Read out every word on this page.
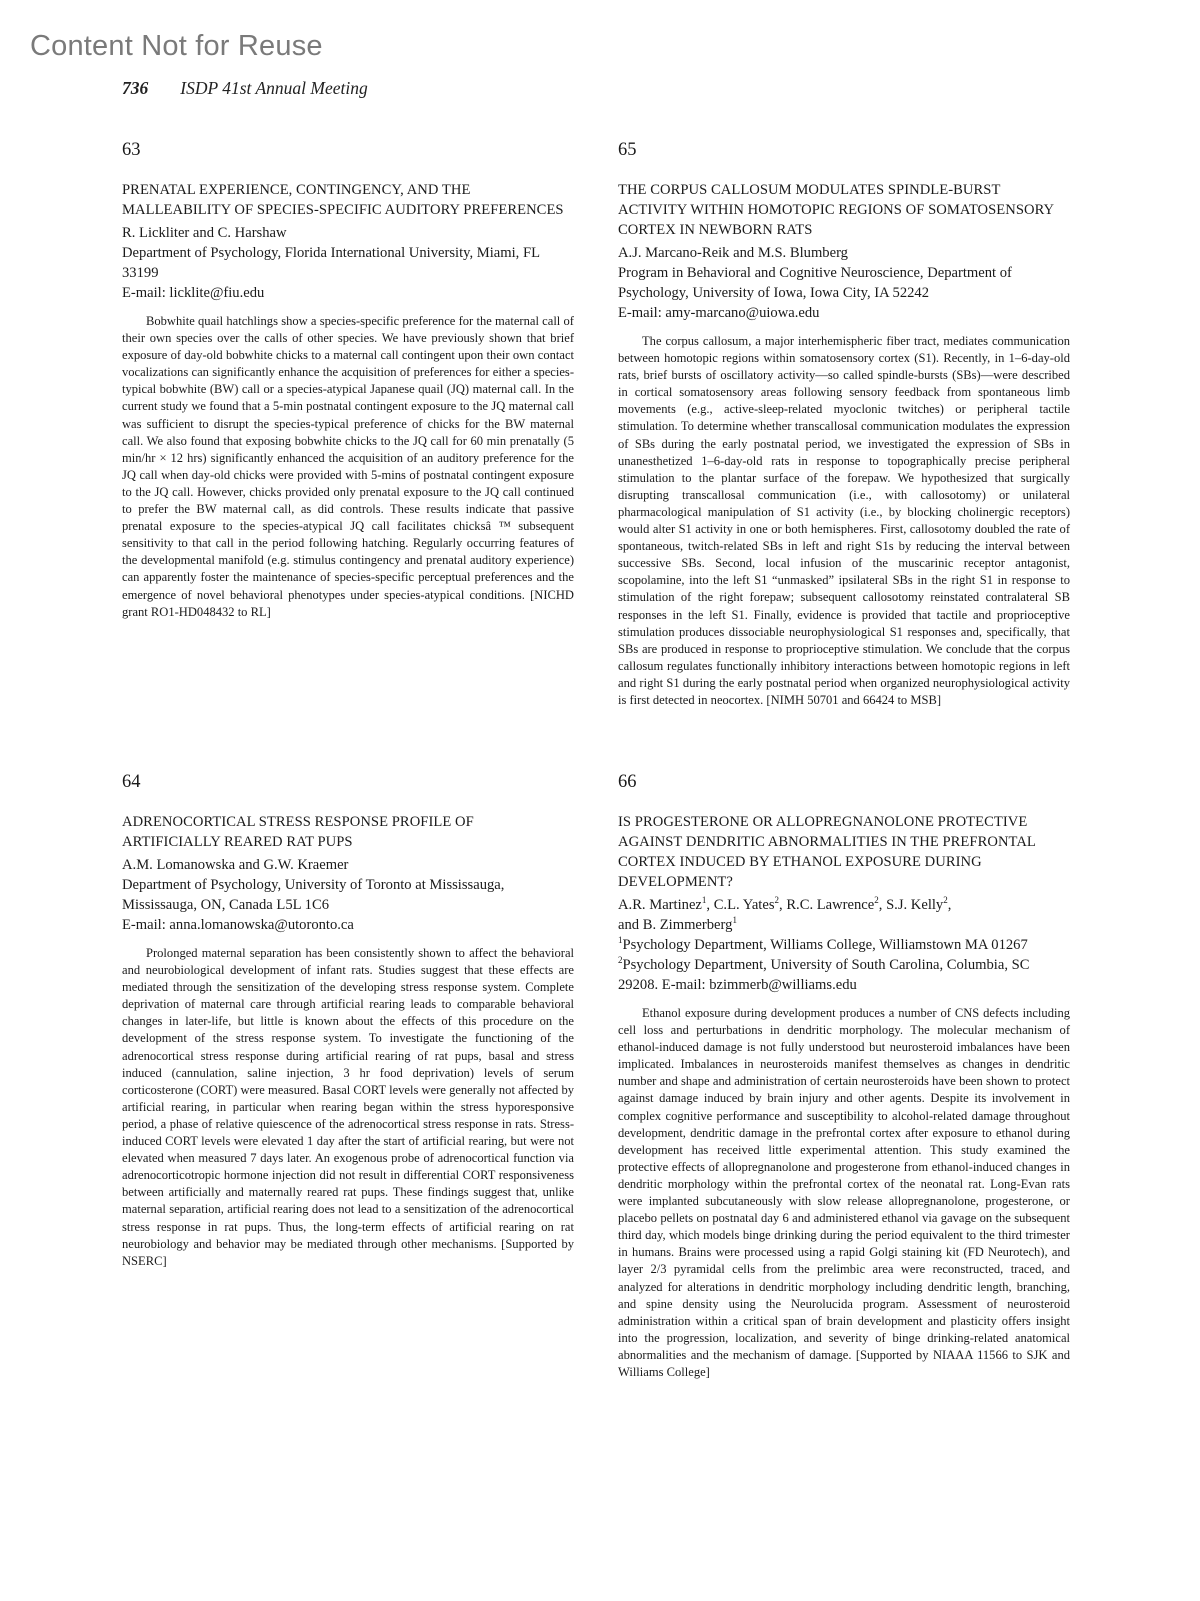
Content Not for Reuse
736 ISDP 41st Annual Meeting
63
PRENATAL EXPERIENCE, CONTINGENCY, AND THE MALLEABILITY OF SPECIES-SPECIFIC AUDITORY PREFERENCES
R. Lickliter and C. Harshaw
Department of Psychology, Florida International University, Miami, FL 33199
E-mail: licklite@fiu.edu

Bobwhite quail hatchlings show a species-specific preference for the maternal call of their own species over the calls of other species. We have previously shown that brief exposure of day-old bobwhite chicks to a maternal call contingent upon their own contact vocalizations can significantly enhance the acquisition of preferences for either a species-typical bobwhite (BW) call or a species-atypical Japanese quail (JQ) maternal call. In the current study we found that a 5-min postnatal contingent exposure to the JQ maternal call was sufficient to disrupt the species-typical preference of chicks for the BW maternal call. We also found that exposing bobwhite chicks to the JQ call for 60 min prenatally (5 min/hr × 12 hrs) significantly enhanced the acquisition of an auditory preference for the JQ call when day-old chicks were provided with 5-mins of postnatal contingent exposure to the JQ call. However, chicks provided only prenatal exposure to the JQ call continued to prefer the BW maternal call, as did controls. These results indicate that passive prenatal exposure to the species-atypical JQ call facilitates chicksâ ™ subsequent sensitivity to that call in the period following hatching. Regularly occurring features of the developmental manifold (e.g. stimulus contingency and prenatal auditory experience) can apparently foster the maintenance of species-specific perceptual preferences and the emergence of novel behavioral phenotypes under species-atypical conditions. [NICHD grant RO1-HD048432 to RL]

65
THE CORPUS CALLOSUM MODULATES SPINDLE-BURST ACTIVITY WITHIN HOMOTOPIC REGIONS OF SOMATOSENSORY CORTEX IN NEWBORN RATS
A.J. Marcano-Reik and M.S. Blumberg
Program in Behavioral and Cognitive Neuroscience, Department of Psychology, University of Iowa, Iowa City, IA 52242
E-mail: amy-marcano@uiowa.edu

The corpus callosum, a major interhemispheric fiber tract, mediates communication between homotopic regions within somatosensory cortex (S1). Recently, in 1–6-day-old rats, brief bursts of oscillatory activity—so called spindle-bursts (SBs)—were described in cortical somatosensory areas following sensory feedback from spontaneous limb movements (e.g., active-sleep-related myoclonic twitches) or peripheral tactile stimulation. To determine whether transcallosal communication modulates the expression of SBs during the early postnatal period, we investigated the expression of SBs in unanesthetized 1–6-day-old rats in response to topographically precise peripheral stimulation to the plantar surface of the forepaw. We hypothesized that surgically disrupting transcallosal communication (i.e., with callosotomy) or unilateral pharmacological manipulation of S1 activity (i.e., by blocking cholinergic receptors) would alter S1 activity in one or both hemispheres. First, callosotomy doubled the rate of spontaneous, twitch-related SBs in left and right S1s by reducing the interval between successive SBs. Second, local infusion of the muscarinic receptor antagonist, scopolamine, into the left S1 “unmasked” ipsilateral SBs in the right S1 in response to stimulation of the right forepaw; subsequent callosotomy reinstated contralateral SB responses in the left S1. Finally, evidence is provided that tactile and proprioceptive stimulation produces dissociable neurophysiological S1 responses and, specifically, that SBs are produced in response to proprioceptive stimulation. We conclude that the corpus callosum regulates functionally inhibitory interactions between homotopic regions in left and right S1 during the early postnatal period when organized neurophysiological activity is first detected in neocortex. [NIMH 50701 and 66424 to MSB]

64
ADRENOCORTICAL STRESS RESPONSE PROFILE OF ARTIFICIALLY REARED RAT PUPS
A.M. Lomanowska and G.W. Kraemer
Department of Psychology, University of Toronto at Mississauga, Mississauga, ON, Canada L5L 1C6
E-mail: anna.lomanowska@utoronto.ca

Prolonged maternal separation has been consistently shown to affect the behavioral and neurobiological development of infant rats. Studies suggest that these effects are mediated through the sensitization of the developing stress response system. Complete deprivation of maternal care through artificial rearing leads to comparable behavioral changes in later-life, but little is known about the effects of this procedure on the development of the stress response system. To investigate the functioning of the adrenocortical stress response during artificial rearing of rat pups, basal and stress induced (cannulation, saline injection, 3 hr food deprivation) levels of serum corticosterone (CORT) were measured. Basal CORT levels were generally not affected by artificial rearing, in particular when rearing began within the stress hyporesponsive period, a phase of relative quiescence of the adrenocortical stress response in rats. Stress-induced CORT levels were elevated 1 day after the start of artificial rearing, but were not elevated when measured 7 days later. An exogenous probe of adrenocortical function via adrenocorticotropic hormone injection did not result in differential CORT responsiveness between artificially and maternally reared rat pups. These findings suggest that, unlike maternal separation, artificial rearing does not lead to a sensitization of the adrenocortical stress response in rat pups. Thus, the long-term effects of artificial rearing on rat neurobiology and behavior may be mediated through other mechanisms. [Supported by NSERC]

66
IS PROGESTERONE OR ALLOPREGNANOLONE PROTECTIVE AGAINST DENDRITIC ABNORMALITIES IN THE PREFRONTAL CORTEX INDUCED BY ETHANOL EXPOSURE DURING DEVELOPMENT?
A.R. Martinez$^1$, C.L. Yates$^2$, R.C. Lawrence$^2$, S.J. Kelly$^2$,
and B. Zimmerberg$^1$
$^1$Psychology Department, Williams College, Williamstown MA 01267
$^2$Psychology Department, University of South Carolina, Columbia, SC 29208. E-mail: bzimmerb@williams.edu

Ethanol exposure during development produces a number of CNS defects including cell loss and perturbations in dendritic morphology. The molecular mechanism of ethanol-induced damage is not fully understood but neurosteroid imbalances have been implicated. Imbalances in neurosteroids manifest themselves as changes in dendritic number and shape and administration of certain neurosteroids have been shown to protect against damage induced by brain injury and other agents. Despite its involvement in complex cognitive performance and susceptibility to alcohol-related damage throughout development, dendritic damage in the prefrontal cortex after exposure to ethanol during development has received little experimental attention. This study examined the protective effects of allopregnanolone and progesterone from ethanol-induced changes in dendritic morphology within the prefrontal cortex of the neonatal rat. Long-Evan rats were implanted subcutaneously with slow release allopregnanolone, progesterone, or placebo pellets on postnatal day 6 and administered ethanol via gavage on the subsequent third day, which models binge drinking during the period equivalent to the third trimester in humans. Brains were processed using a rapid Golgi staining kit (FD Neurotech), and layer 2/3 pyramidal cells from the prelimbic area were reconstructed, traced, and analyzed for alterations in dendritic morphology including dendritic length, branching, and spine density using the Neurolucida program. Assessment of neurosteroid administration within a critical span of brain development and plasticity offers insight into the progression, localization, and severity of binge drinking-related anatomical abnormalities and the mechanism of damage. [Supported by NIAAA 11566 to SJK and Williams College]
